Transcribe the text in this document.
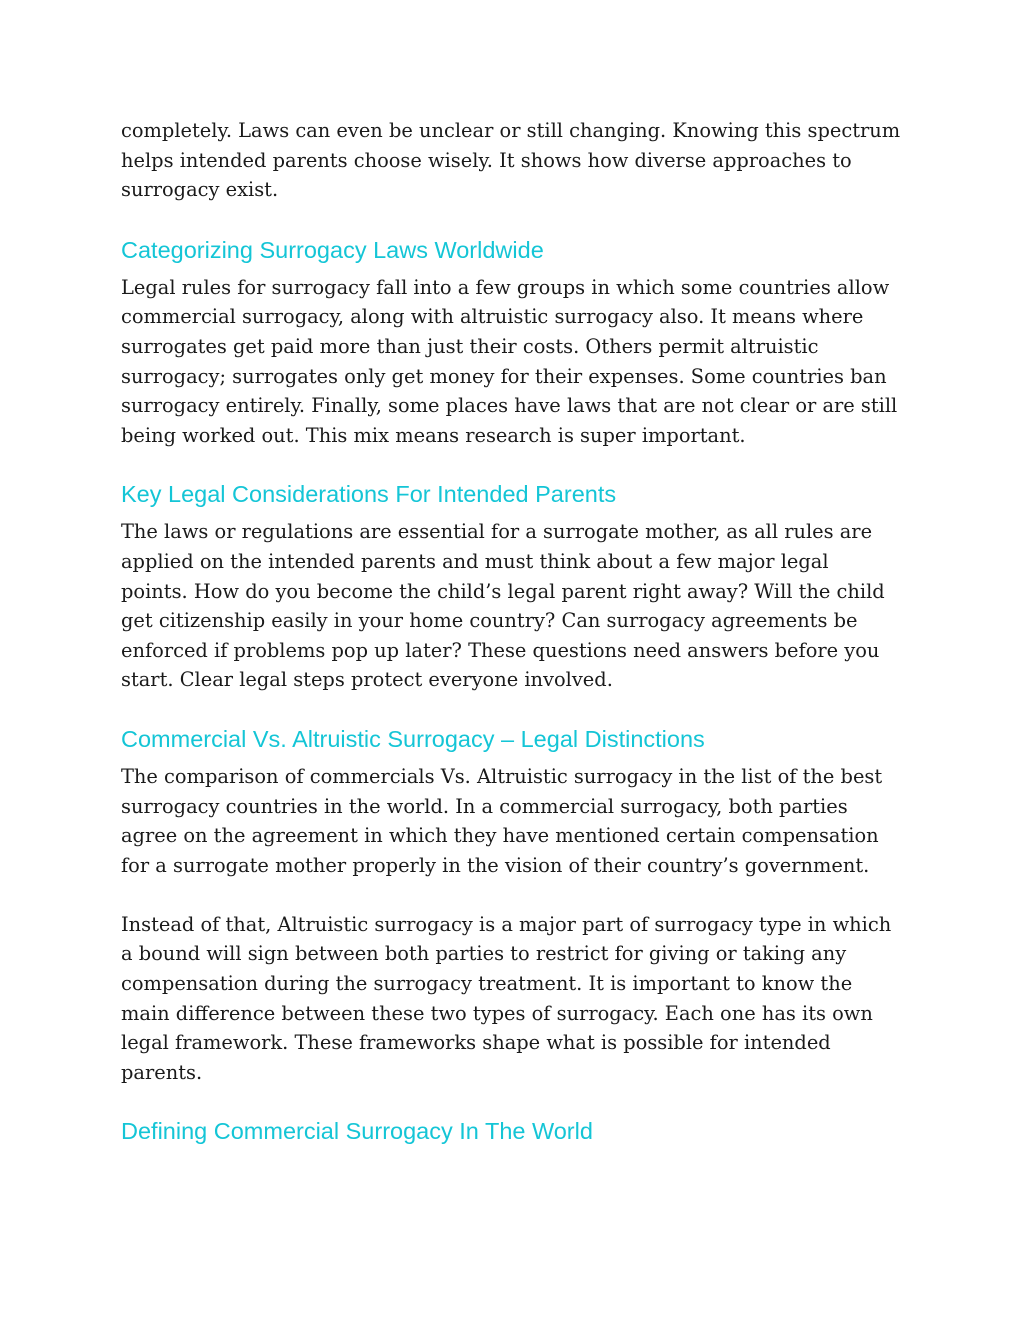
completely. Laws can even be unclear or still changing. Knowing this spectrum
helps intended parents choose wisely. It shows how diverse approaches to
surrogacy exist.

Categorizing Surrogacy Laws Worldwide

Legal rules for surrogacy fall into a few groups in which some countries allow
commercial surrogacy, along with altruistic surrogacy also. It means where
surrogates get paid more than just their costs. Others permit altruistic
surrogacy; surrogates only get money for their expenses. Some countries ban
surrogacy entirely. Finally, some places have laws that are not clear or are still
being worked out. This mix means research is super important.

Key Legal Considerations For Intended Parents

The laws or regulations are essential for a surrogate mother, as all rules are
applied on the intended parents and must think about a few major legal
points. How do you become the child’s legal parent right away? Will the child
get citizenship easily in your home country? Can surrogacy agreements be
enforced if problems pop up later? These questions need answers before you
start. Clear legal steps protect everyone involved.

Commercial Vs. Altruistic Surrogacy – Legal Distinctions

The comparison of commercials Vs. Altruistic surrogacy in the list of the best
surrogacy countries in the world. In a commercial surrogacy, both parties
agree on the agreement in which they have mentioned certain compensation
for a surrogate mother properly in the vision of their country’s government.

Instead of that, Altruistic surrogacy is a major part of surrogacy type in which
a bound will sign between both parties to restrict for giving or taking any
compensation during the surrogacy treatment. It is important to know the
main difference between these two types of surrogacy. Each one has its own
legal framework. These frameworks shape what is possible for intended
parents.

Defining Commercial Surrogacy In The World
